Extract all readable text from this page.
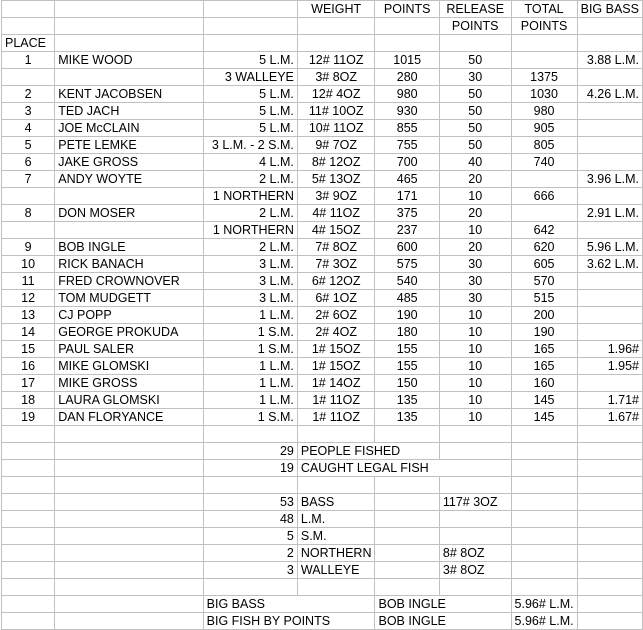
			WEIGHT	POINTS	RELEASE	TOTAL	BIG BASS
					POINTS	POINTS	
PLACE							
1	MIKE WOOD	5 L.M.	12# 11OZ	1015	50		3.88 L.M.
		3 WALLEYE	3# 8OZ	280	30	1375	
2	KENT JACOBSEN	5 L.M.	12# 4OZ	980	50	1030	4.26 L.M.
3	TED JACH	5 L.M.	11# 10OZ	930	50	980	
4	JOE McCLAIN	5 L.M.	10# 11OZ	855	50	905	
5	PETE LEMKE	3 L.M. - 2 S.M.	9# 7OZ	755	50	805	
6	JAKE GROSS	4 L.M.	8# 12OZ	700	40	740	
7	ANDY WOYTE	2 L.M.	5# 13OZ	465	20		3.96 L.M.
		1 NORTHERN	3# 9OZ	171	10	666	
8	DON MOSER	2 L.M.	4# 11OZ	375	20		2.91 L.M.
		1 NORTHERN	4# 15OZ	237	10	642	
9	BOB INGLE	2 L.M.	7# 8OZ	600	20	620	5.96 L.M.
10	RICK BANACH	3 L.M.	7# 3OZ	575	30	605	3.62 L.M.
11	FRED CROWNOVER	3 L.M.	6# 12OZ	540	30	570	
12	TOM MUDGETT	3 L.M.	6# 1OZ	485	30	515	
13	CJ POPP	1 L.M.	2# 6OZ	190	10	200	
14	GEORGE PROKUDA	1 S.M.	2# 4OZ	180	10	190	
15	PAUL SALER	1 S.M.	1# 15OZ	155	10	165	1.96#
16	MIKE GLOMSKI	1 L.M.	1# 15OZ	155	10	165	1.95#
17	MIKE GROSS	1 L.M.	1# 14OZ	150	10	160	
18	LAURA GLOMSKI	1 L.M.	1# 11OZ	135	10	145	1.71#
19	DAN FLORYANCE	1 S.M.	1# 11OZ	135	10	145	1.67#

		29	PEOPLE FISHED				
		19	CAUGHT LEGAL FISH				

		53	BASS		117# 3OZ		
		48	L.M.				
		5	S.M.				
		2	NORTHERN		8# 8OZ		
		3	WALLEYE		3# 8OZ		

		BIG BASS		BOB INGLE		5.96# L.M.	
		BIG FISH BY POINTS		BOB INGLE		5.96# L.M.	
